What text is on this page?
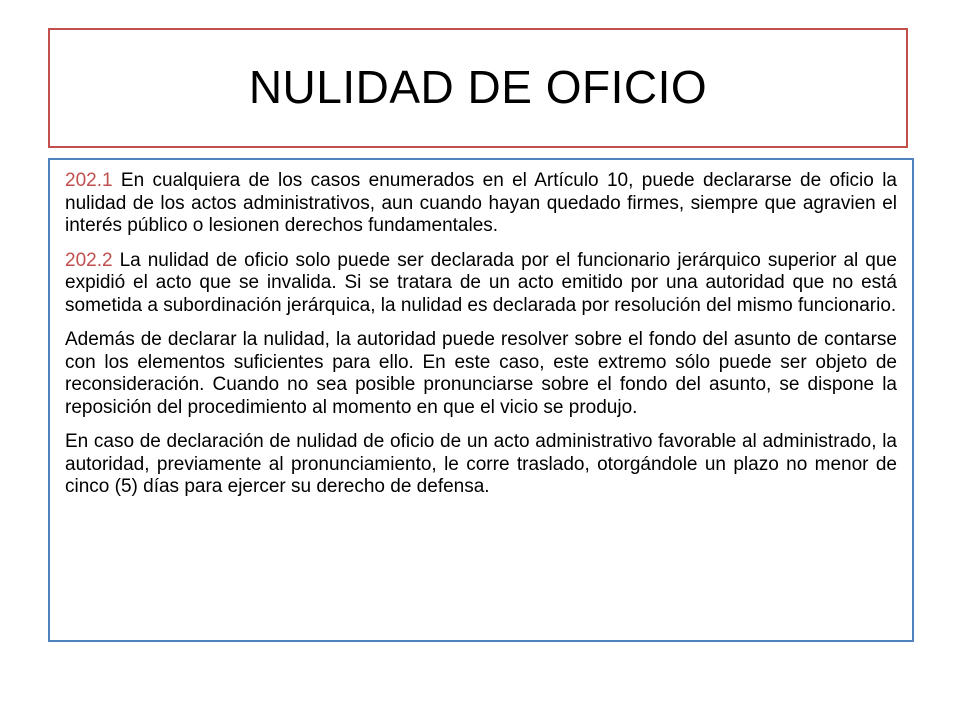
NULIDAD DE OFICIO

202.1 En cualquiera de los casos enumerados en el Artículo 10, puede declararse de oficio la nulidad de los actos administrativos, aun cuando hayan quedado firmes, siempre que agravien el interés público o lesionen derechos fundamentales.

202.2 La nulidad de oficio solo puede ser declarada por el funcionario jerárquico superior al que expidió el acto que se invalida. Si se tratara de un acto emitido por una autoridad que no está sometida a subordinación jerárquica, la nulidad es declarada por resolución del mismo funcionario.

Además de declarar la nulidad, la autoridad puede resolver sobre el fondo del asunto de contarse con los elementos suficientes para ello. En este caso, este extremo sólo puede ser objeto de reconsideración. Cuando no sea posible pronunciarse sobre el fondo del asunto, se dispone la reposición del procedimiento al momento en que el vicio se produjo.

En caso de declaración de nulidad de oficio de un acto administrativo favorable al administrado, la autoridad, previamente al pronunciamiento, le corre traslado, otorgándole un plazo no menor de cinco (5) días para ejercer su derecho de defensa.
